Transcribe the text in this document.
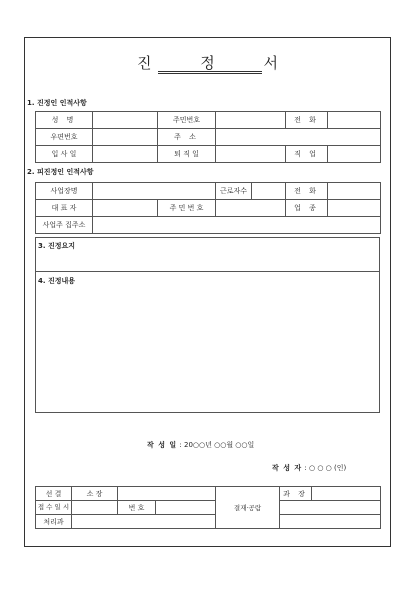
진 정 서
1. 진정인 인적사항
성 명		주민번호		전 화	
우편번호		주 소			
입 사 일		퇴 직 일		직 업	
2. 피진정인 인적사항
사업장명			근로자수		전 화	
대 표 자		주 민 번 호			업 종	
사업주 집주소						
3. 진정요지
4. 진정내용
작 성 일 : 20○○년 ○○월 ○○일
작 성 자 : ○ ○ ○ (인)
선 결	소 장			결재·공람	과 장	
접 수 일 시		번 호				
처리과						
